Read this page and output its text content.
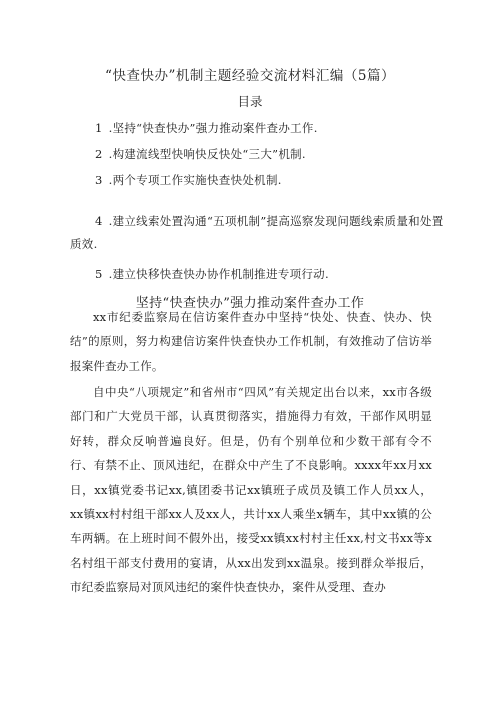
“快查快办”机制主题经验交流材料汇编（5篇）
目录
1 .坚持“快查快办”强力推动案件查办工作.
2 .构建流线型快响快反快处“三大”机制.
3 .两个专项工作实施快查快处机制.
4 .建立线索处置沟通“五项机制”提高巡察发现问题线索质量和处置质效.
5 .建立快移快查快办协作机制推进专项行动.
坚持“快查快办”强力推动案件查办工作

xx市纪委监察局在信访案件查办中坚持“快处、快查、快办、快结”的原则，努力构建信访案件快查快办工作机制，有效推动了信访举报案件查办工作。

自中央“八项规定”和省州市“四风”有关规定出台以来，xx市各级部门和广大党员干部，认真贯彻落实，措施得力有效，干部作风明显好转，群众反响普遍良好。但是，仍有个别单位和少数干部有令不行、有禁不止、顶风违纪，在群众中产生了不良影响。xxxx年xx月xx日，xx镇党委书记xx,镇团委书记xx镇班子成员及镇工作人员xx人，xx镇xx村村组干部xx人及xx人，共计xx人乘坐x辆车，其中xx镇的公车两辆。在上班时间不假外出，接受xx镇xx村村主任xx,村文书xx等x名村组干部支付费用的宴请，从xx出发到xx温泉。接到群众举报后，市纪委监察局对顶风违纪的案件快查快办，案件从受理、查办
